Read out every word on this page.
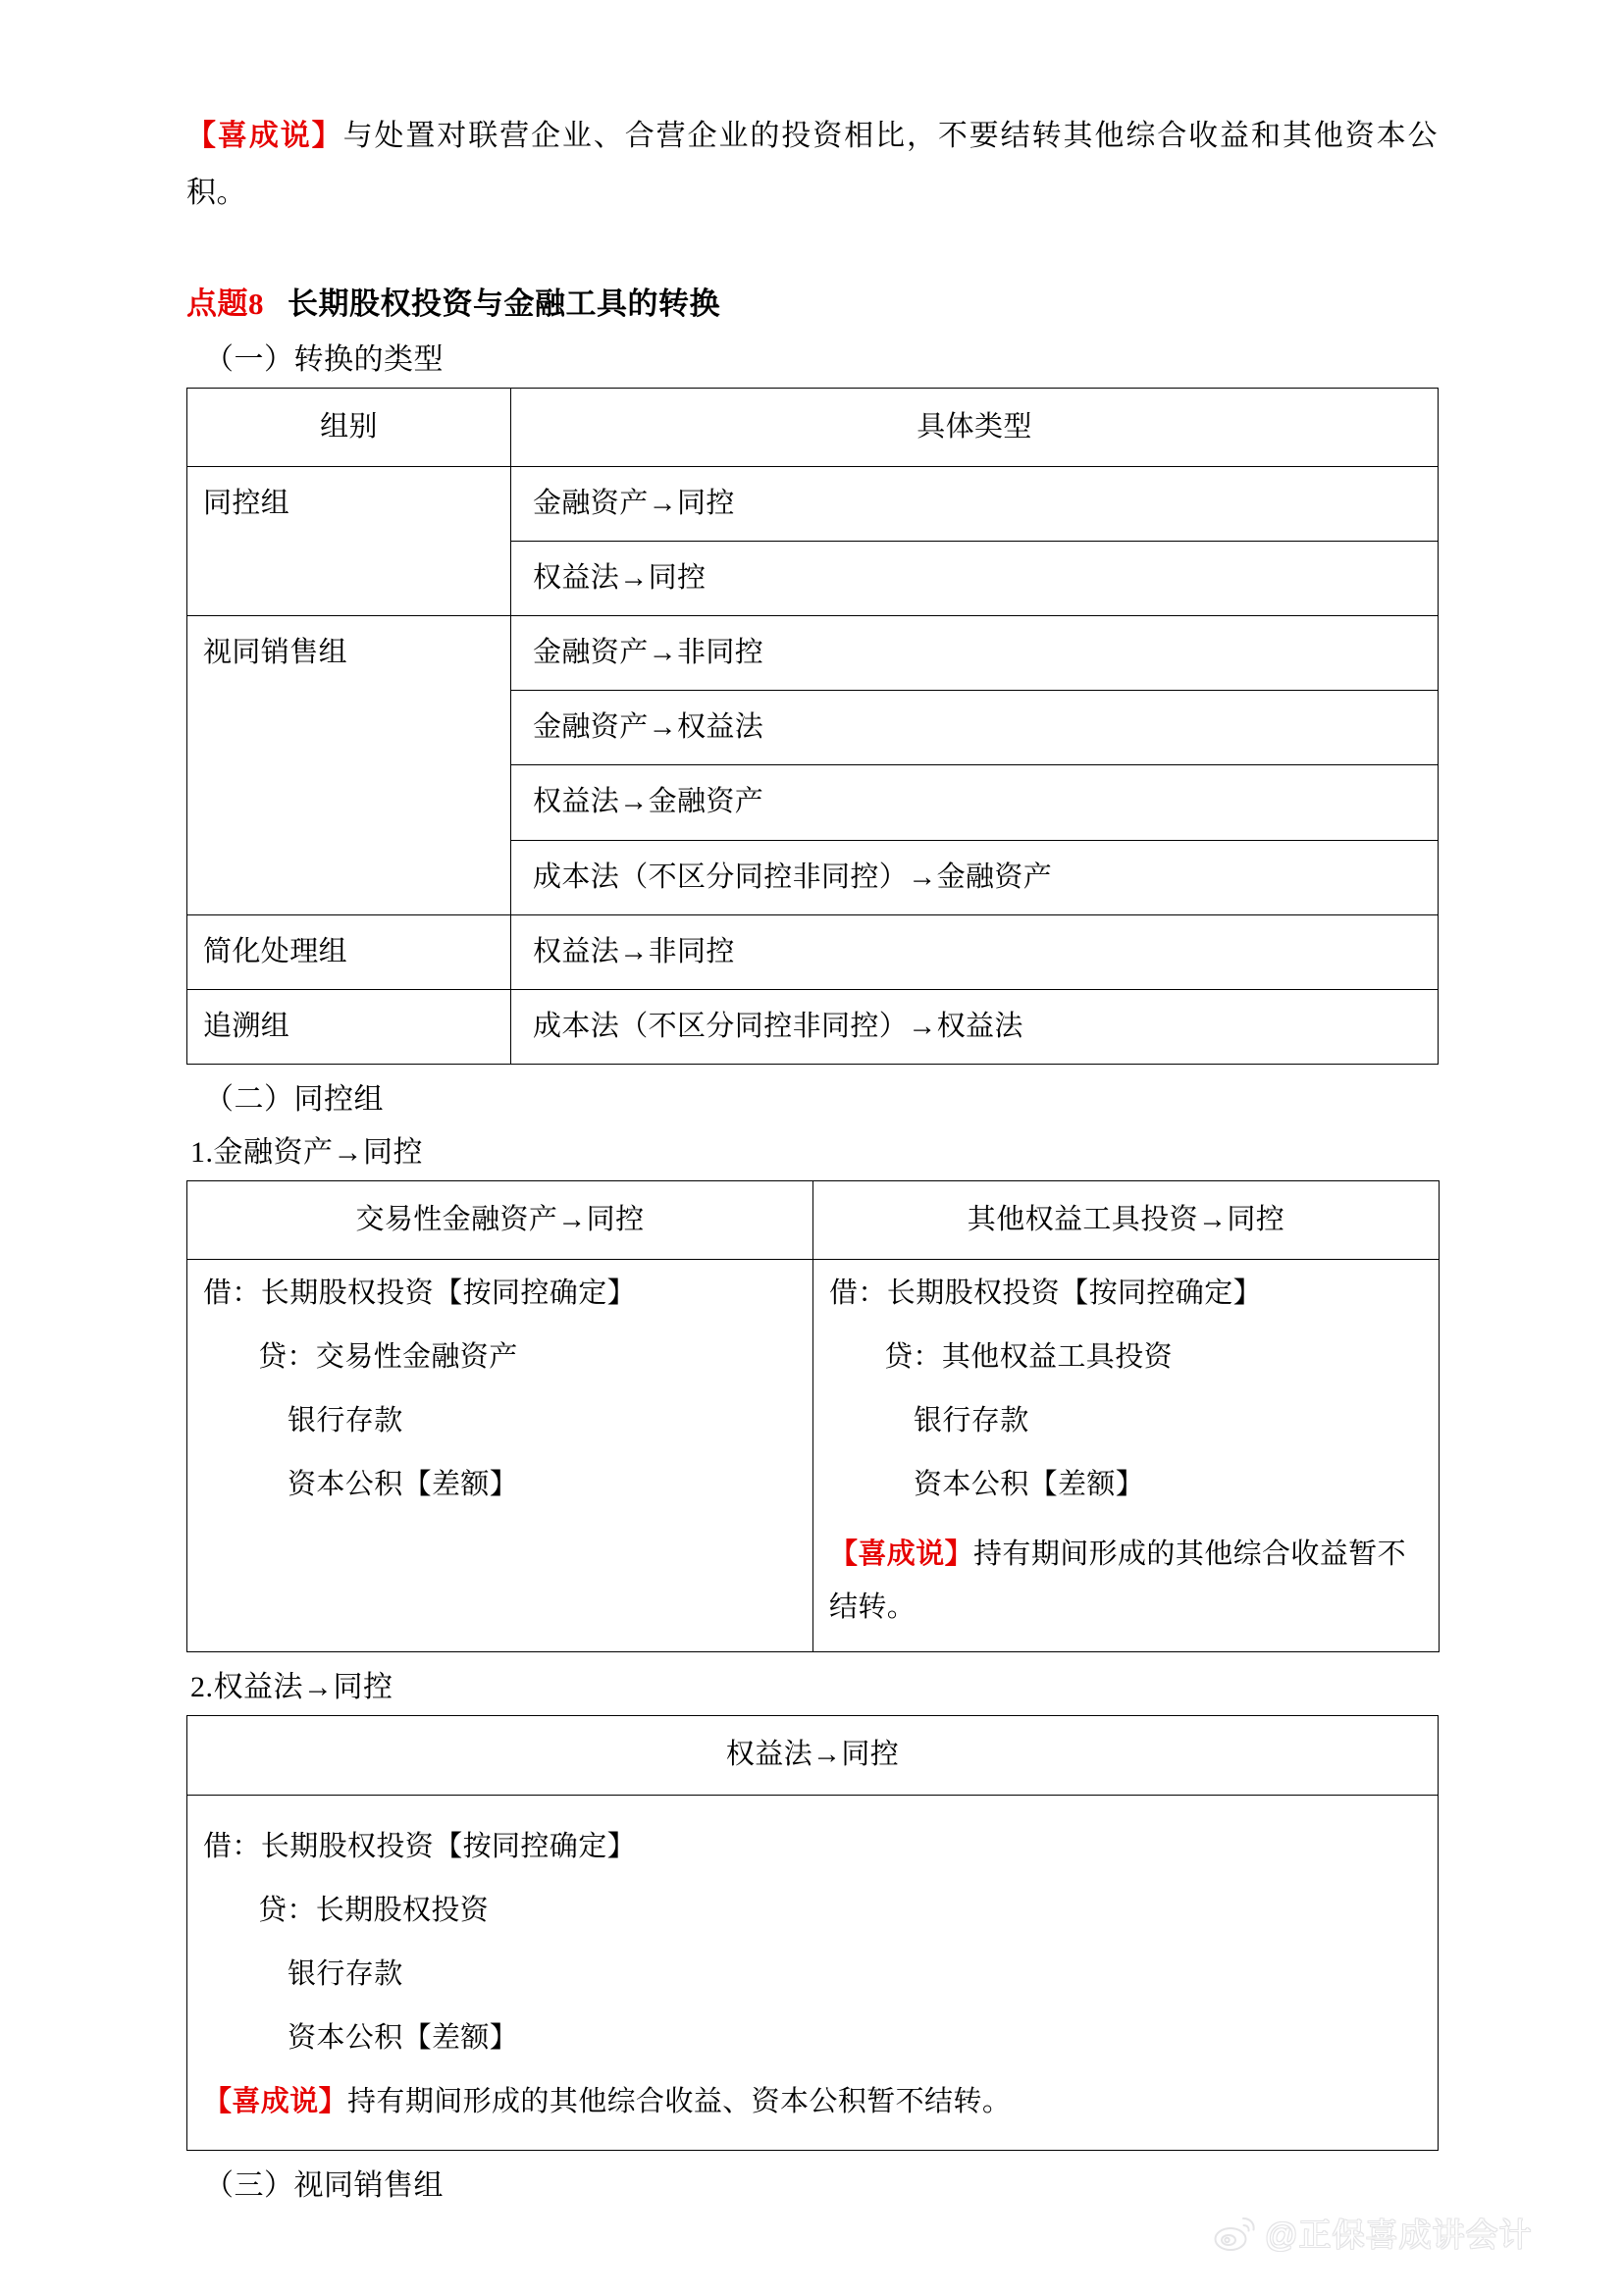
【喜成说】与处置对联营企业、合营企业的投资相比，不要结转其他综合收益和其他资本公积。

点题8 长期股权投资与金融工具的转换
（一）转换的类型
组别	具体类型
同控组	金融资产→同控
	权益法→同控
视同销售组	金融资产→非同控
	金融资产→权益法
	权益法→金融资产
	成本法（不区分同控非同控）→金融资产
简化处理组	权益法→非同控
追溯组	成本法（不区分同控非同控）→权益法
（二）同控组
1.金融资产→同控
交易性金融资产→同控	其他权益工具投资→同控

借：长期股权投资【按同控确定】
贷：交易性金融资产
银行存款
资本公积【差额】

借：长期股权投资【按同控确定】
贷：其他权益工具投资
银行存款
资本公积【差额】
【喜成说】持有期间形成的其他综合收益暂不结转。
2.权益法→同控
权益法→同控

借：长期股权投资【按同控确定】
贷：长期股权投资
银行存款
资本公积【差额】
【喜成说】持有期间形成的其他综合收益、资本公积暂不结转。
（三）视同销售组
@正保喜成讲会计
